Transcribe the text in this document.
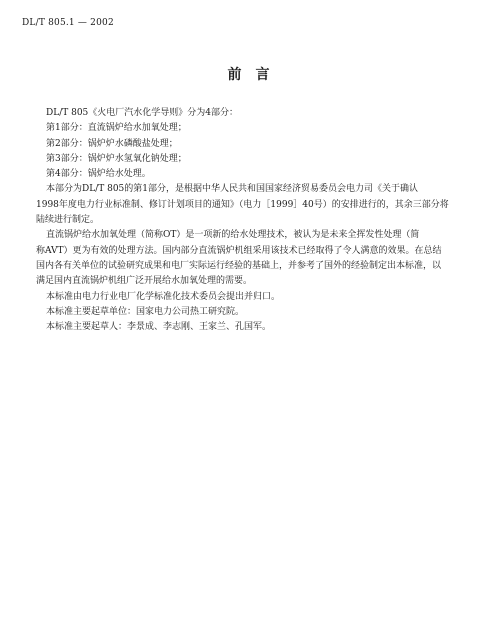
DL/T 805.1 — 2002
前言
DL/T 805《火电厂汽水化学导则》分为4部分：
第1部分：直流锅炉给水加氧处理；
第2部分：锅炉炉水磷酸盐处理；
第3部分：锅炉炉水氢氧化钠处理；
第4部分：锅炉给水处理。
本部分为DL/T 805的第1部分，是根据中华人民共和国国家经济贸易委员会电力司《关于确认
1998年度电力行业标准制、修订计划项目的通知》（电力［1999］40号）的安排进行的，其余三部分将
陆续进行制定。
直流锅炉给水加氧处理（简称OT）是一项新的给水处理技术，被认为是未来全挥发性处理（简
称AVT）更为有效的处理方法。国内部分直流锅炉机组采用该技术已经取得了令人满意的效果。在总结
国内各有关单位的试验研究成果和电厂实际运行经验的基础上，并参考了国外的经验制定出本标准，以
满足国内直流锅炉机组广泛开展给水加氧处理的需要。
本标准由电力行业电厂化学标准化技术委员会提出并归口。
本标准主要起草单位：国家电力公司热工研究院。
本标准主要起草人：李景成、李志刚、王家兰、孔国军。
